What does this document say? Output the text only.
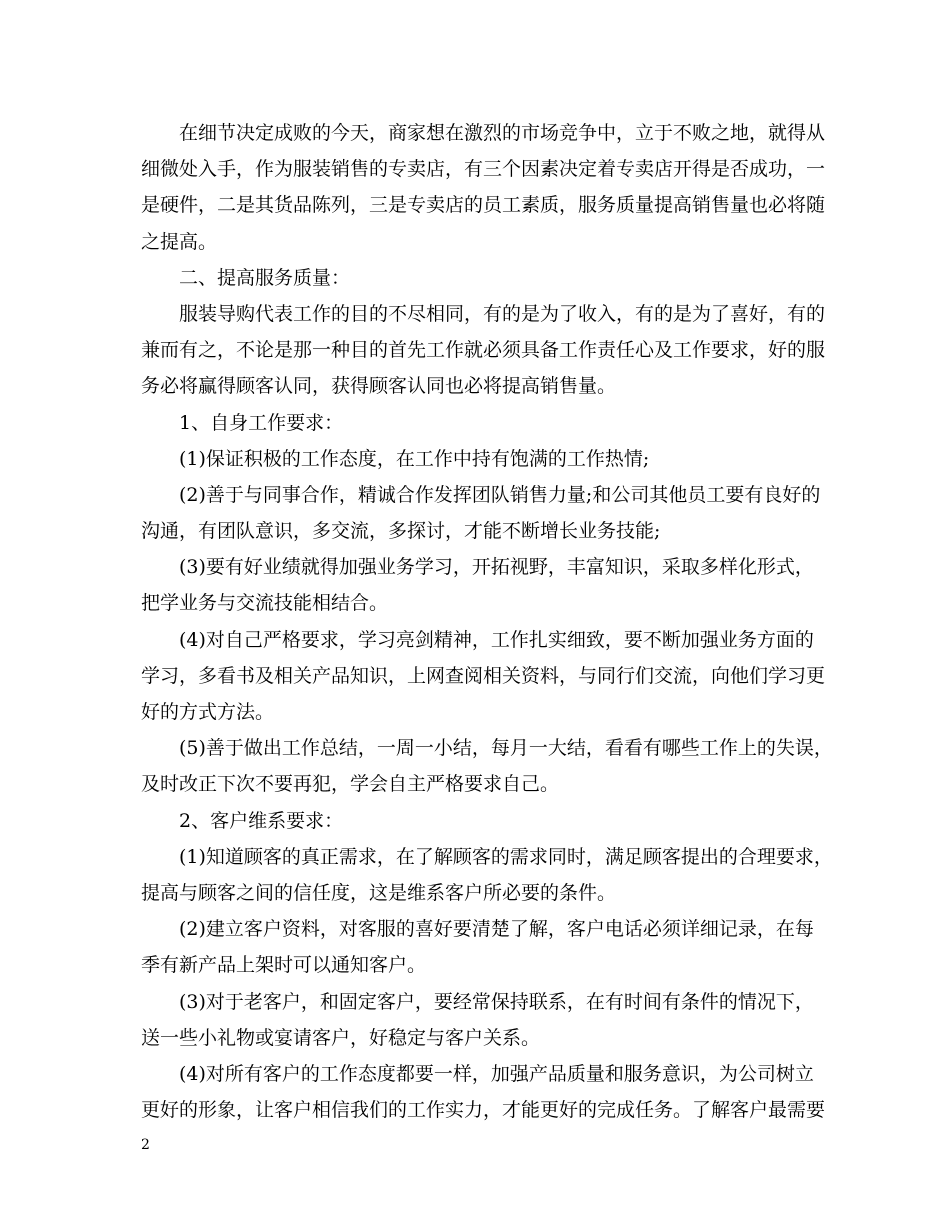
在细节决定成败的今天，商家想在激烈的市场竞争中，立于不败之地，就得从
细微处入手，作为服装销售的专卖店，有三个因素决定着专卖店开得是否成功，一
是硬件，二是其货品陈列，三是专卖店的员工素质，服务质量提高销售量也必将随
之提高。
二、提高服务质量：
服装导购代表工作的目的不尽相同，有的是为了收入，有的是为了喜好，有的
兼而有之，不论是那一种目的首先工作就必须具备工作责任心及工作要求，好的服
务必将赢得顾客认同，获得顾客认同也必将提高销售量。
1、自身工作要求：
(1)保证积极的工作态度，在工作中持有饱满的工作热情;
(2)善于与同事合作，精诚合作发挥团队销售力量;和公司其他员工要有良好的
沟通，有团队意识，多交流，多探讨，才能不断增长业务技能;
(3)要有好业绩就得加强业务学习，开拓视野，丰富知识，采取多样化形式，
把学业务与交流技能相结合。
(4)对自己严格要求，学习亮剑精神，工作扎实细致，要不断加强业务方面的
学习，多看书及相关产品知识，上网查阅相关资料，与同行们交流，向他们学习更
好的方式方法。
(5)善于做出工作总结，一周一小结，每月一大结，看看有哪些工作上的失误，
及时改正下次不要再犯，学会自主严格要求自己。
2、客户维系要求：
(1)知道顾客的真正需求，在了解顾客的需求同时，满足顾客提出的合理要求，
提高与顾客之间的信任度，这是维系客户所必要的条件。
(2)建立客户资料，对客服的喜好要清楚了解，客户电话必须详细记录，在每
季有新产品上架时可以通知客户。
(3)对于老客户，和固定客户，要经常保持联系，在有时间有条件的情况下，
送一些小礼物或宴请客户，好稳定与客户关系。
(4)对所有客户的工作态度都要一样，加强产品质量和服务意识，为公司树立
更好的形象，让客户相信我们的工作实力，才能更好的完成任务。了解客户最需要
2
